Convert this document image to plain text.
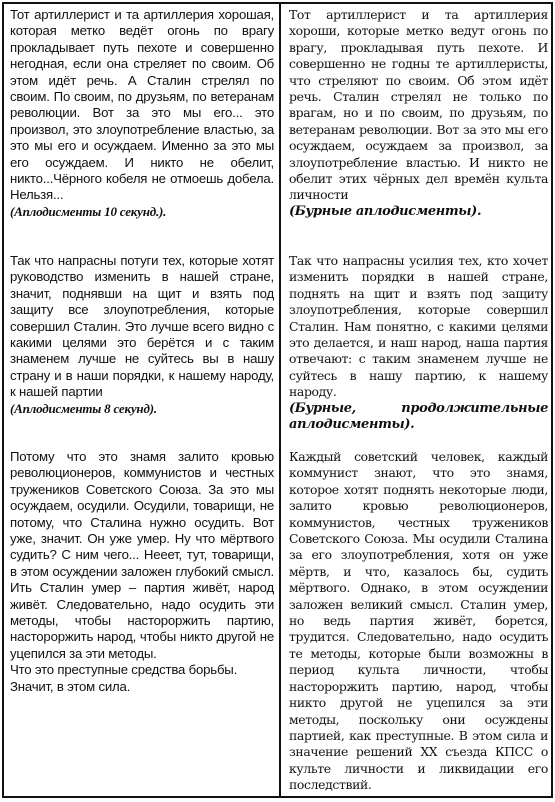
Тот артиллерист и та артиллерия хорошая, которая метко ведёт огонь по врагу прокладывает путь пехоте и совершенно негодная, если она стреляет по своим. Об этом идёт речь. А Сталин стрелял по своим. По своим, по друзьям, по ветеранам революции. Вот за это мы его... это произвол, это злоупотребление властью, за это мы его и осуждаем. Именно за это мы его осуждаем. И никто не обелит, никто...Чёрного кобеля не отмоешь добела. Нельзя...

(Аплодисменты 10 секунд.).

Так что напрасны потуги тех, которые хотят руководство изменить в нашей стране, значит, поднявши на щит и взять под защиту все злоупотребления, которые совершил Сталин. Это лучше всего видно с какими целями это берётся и с таким знаменем лучше не суйтесь вы в нашу страну и в наши порядки, к нашему народу, к нашей партии

(Аплодисменты 8 секунд).

Потому что это знамя залито кровью революционеров, коммунистов и честных тружеников Советского Союза. За это мы осуждаем, осудили. Осудили, товарищи, не потому, что Сталина нужно осудить. Вот уже, значит. Он уже умер. Ну что мёртвого судить? С ним чего... Нееет, тут, товарищи, в этом осуждении заложен глубокий смысл. Ить Сталин умер – партия живёт, народ живёт. Следовательно, надо осудить эти методы, чтобы настороржить партию, настороржить народ, чтобы никто другой не уцепился за эти методы.

Что это преступные средства борьбы. Значит, в этом сила.

Тот артиллерист и та артиллерия хороши, которые метко ведут огонь по врагу, прокладывая путь пехоте. И совершенно не годны те артиллеристы, что стреляют по своим. Об этом идёт речь. Сталин стрелял не только по врагам, но и по своим, по друзьям, по ветеранам революции. Вот за это мы его осуждаем, осуждаем за произвол, за злоупотребление властью. И никто не обелит этих чёрных дел времён культа личности

(Бурные аплодисменты).

Так что напрасны усилия тех, кто хочет изменить порядки в нашей стране, поднять на щит и взять под защиту злоупотребления, которые совершил Сталин. Нам понятно, с какими целями это делается, и наш народ, наша партия отвечают: с таким знаменем лучше не суйтесь в нашу партию, к нашему народу.

(Бурные, продолжительные аплодисменты).

Каждый советский человек, каждый коммунист знают, что это знамя, которое хотят поднять некоторые люди, залито кровью революционеров, коммунистов, честных тружеников Советского Союза. Мы осудили Сталина за его злоупотребления, хотя он уже мёртв, и что, казалось бы, судить мёртвого. Однако, в этом осуждении заложен великий смысл. Сталин умер, но ведь партия живёт, борется, трудится. Следовательно, надо осудить те методы, которые были возможны в период культа личности, чтобы настороржить партию, народ, чтобы никто другой не уцепился за эти методы, поскольку они осуждены партией, как преступные. В этом сила и значение решений XX съезда КПСС о культе личности и ликвидации его последствий.
